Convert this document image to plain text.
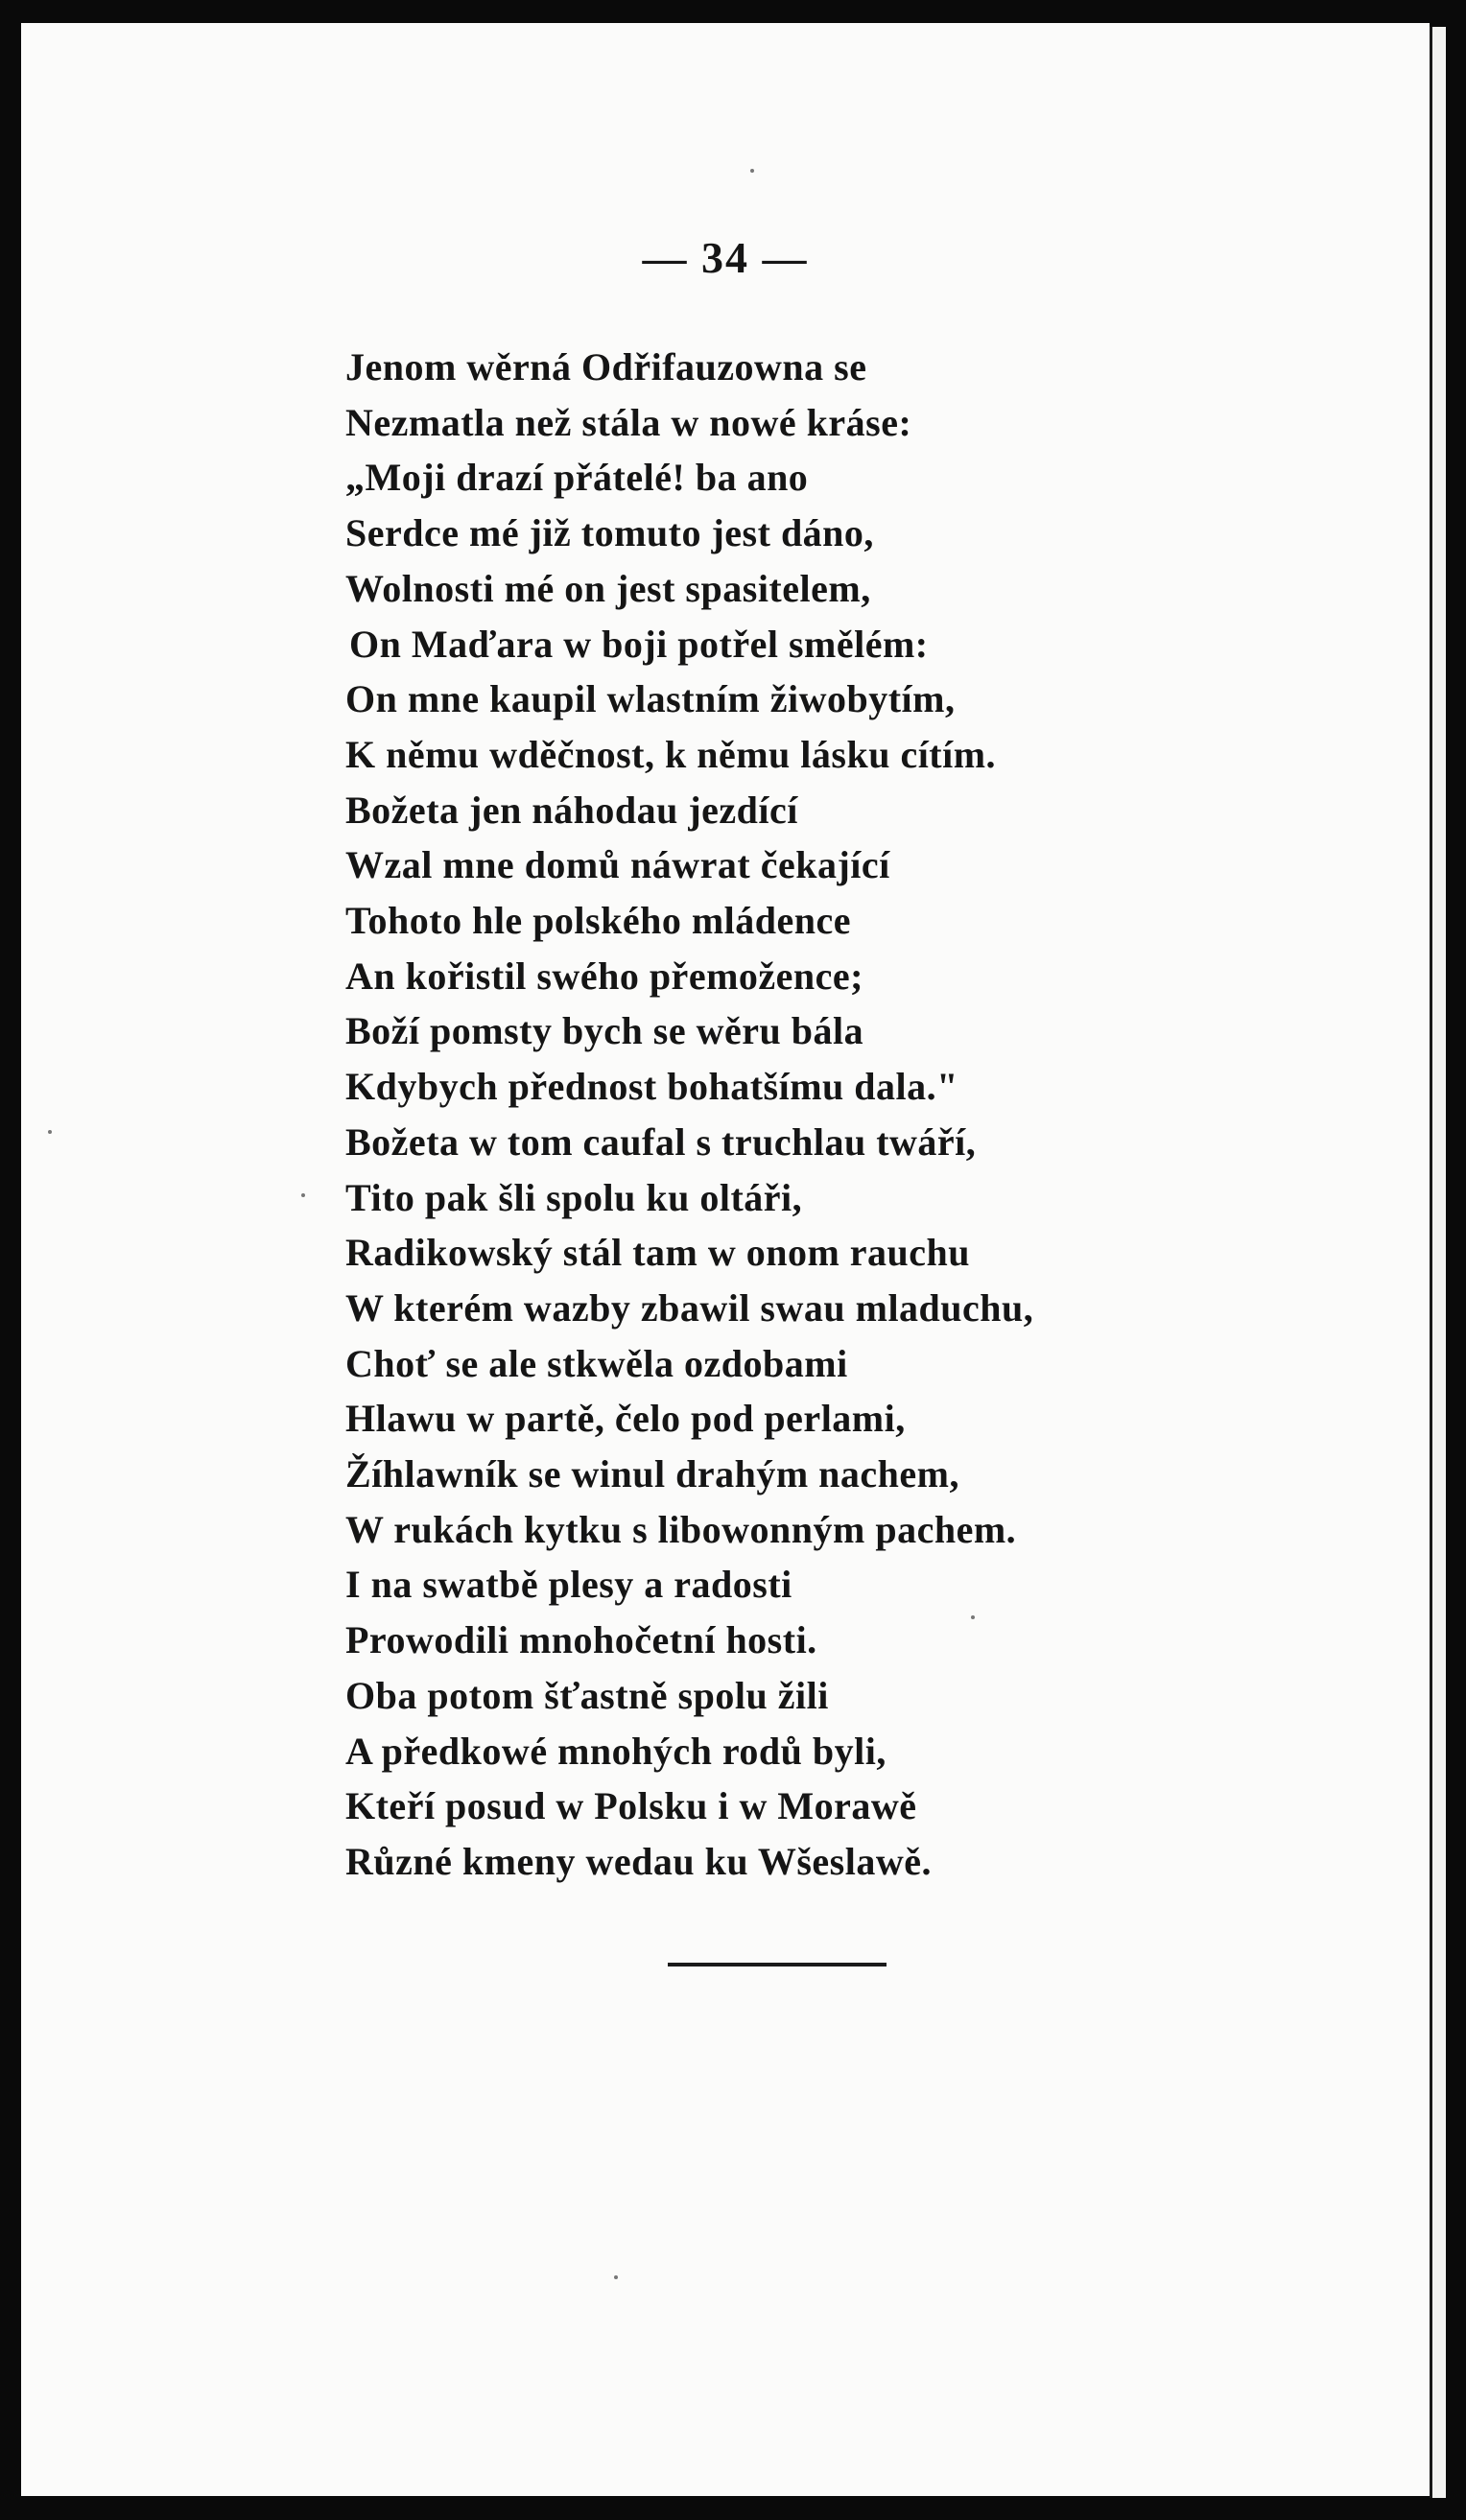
— 34 —
Jenom wěrná Odřifauzowna se
Nezmatla než stála w nowé kráse:
„Moji drazí přátelé! ba ano
Serdce mé již tomuto jest dáno,
Wolnosti mé on jest spasitelem,
On Maďara w boji potřel smělém:
On mne kaupil wlastním žiwobytím,
K němu wděčnost, k němu lásku cítím.
Božeta jen náhodau jezdící
Wzal mne domů náwrat čekající
Tohoto hle polského mládence
An kořistil swého přemožence;
Boží pomsty bych se wěru bála
Kdybych přednost bohatšímu dala."
Božeta w tom caufal s truchlau twáří,
Tito pak šli spolu ku oltáři,
Radikowský stál tam w onom rauchu
W kterém wazby zbawil swau mladuchu,
Choť se ale stkwěla ozdobami
Hlawu w partě, čelo pod perlami,
Žíhlawník se winul drahým nachem,
W rukách kytku s libowonným pachem.
I na swatbě plesy a radosti
Prowodili mnohočetní hosti.
Oba potom šťastně spolu žili
A předkowé mnohých rodů byli,
Kteří posud w Polsku i w Morawě
Různé kmeny wedau ku Wšeslawě.
